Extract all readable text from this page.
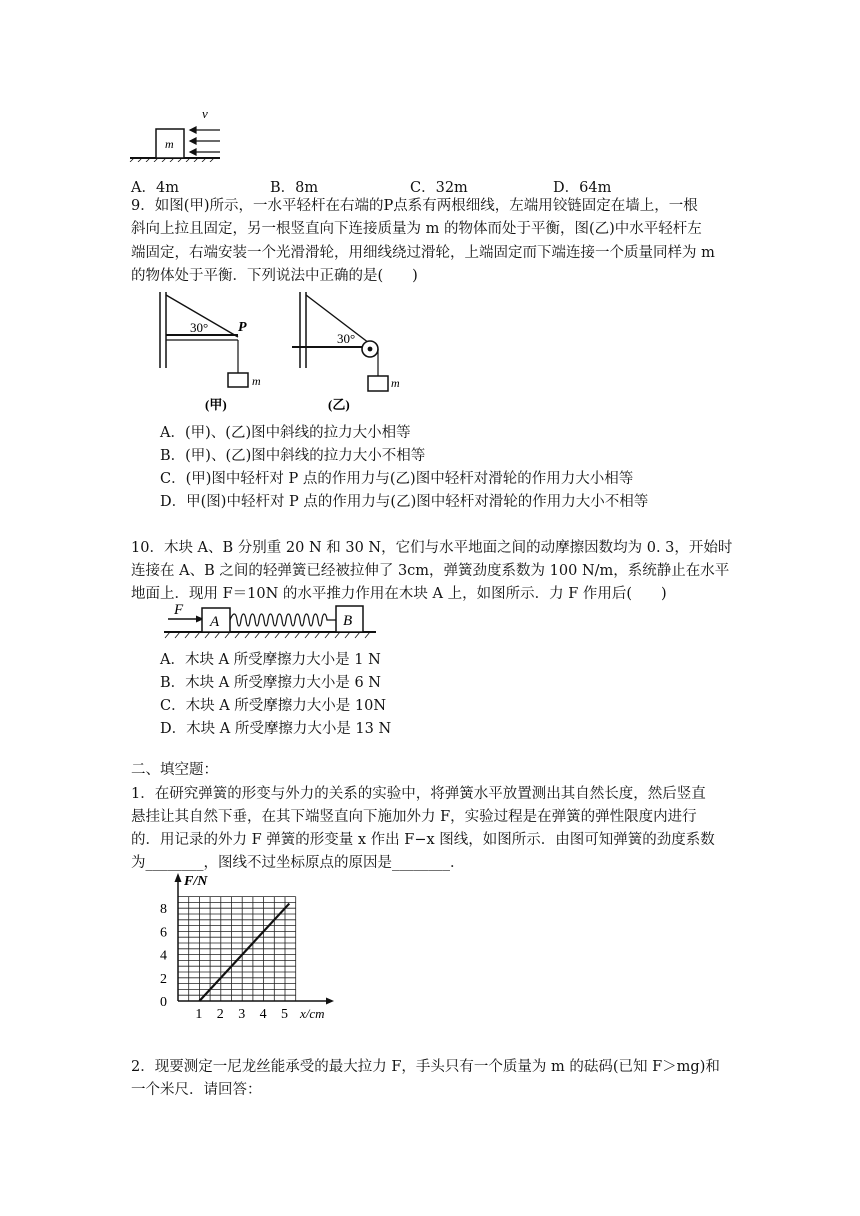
m
v
A．4m	B．8m	C．32m	D．64m
9．如图(甲)所示，一水平轻杆在右端的P点系有两根细线，左端用铰链固定在墙上，一根
斜向上拉且固定，另一根竖直向下连接质量为 m 的物体而处于平衡，图(乙)中水平轻杆左
端固定，右端安装一个光滑滑轮，用细线绕过滑轮，上端固定而下端连接一个质量同样为 m
的物体处于平衡．下列说法中正确的是(　　)
30° P
m
(甲)
30°
m
(乙)
A．(甲)、(乙)图中斜线的拉力大小相等
B．(甲)、(乙)图中斜线的拉力大小不相等
C．(甲)图中轻杆对 P 点的作用力与(乙)图中轻杆对滑轮的作用力大小相等
D．甲(图)中轻杆对 P 点的作用力与(乙)图中轻杆对滑轮的作用力大小不相等
10．木块 A、B 分别重 20 N 和 30 N，它们与水平地面之间的动摩擦因数均为 0. 3，开始时
连接在 A、B 之间的轻弹簧已经被拉伸了 3cm，弹簧劲度系数为 100 N/m，系统静止在水平
地面上．现用 F＝10N 的水平推力作用在木块 A 上，如图所示．力 F 作用后(　　)
F
A	B
A．木块 A 所受摩擦力大小是 1 N
B．木块 A 所受摩擦力大小是 6 N
C．木块 A 所受摩擦力大小是 10N
D．木块 A 所受摩擦力大小是 13 N
二、填空题：
1．在研究弹簧的形变与外力的关系的实验中，将弹簧水平放置测出其自然长度，然后竖直
悬挂让其自然下垂，在其下端竖直向下施加外力 F，实验过程是在弹簧的弹性限度内进行
的．用记录的外力 F 弹簧的形变量 x 作出 F−x 图线，如图所示．由图可知弹簧的劲度系数
为________，图线不过坐标原点的原因是________．
F/N
x/cm
1 2 3 4 5
0
2
4
6
8
2．现要测定一尼龙丝能承受的最大拉力 F，手头只有一个质量为 m 的砝码(已知 F＞mg)和
一个米尺．请回答：
